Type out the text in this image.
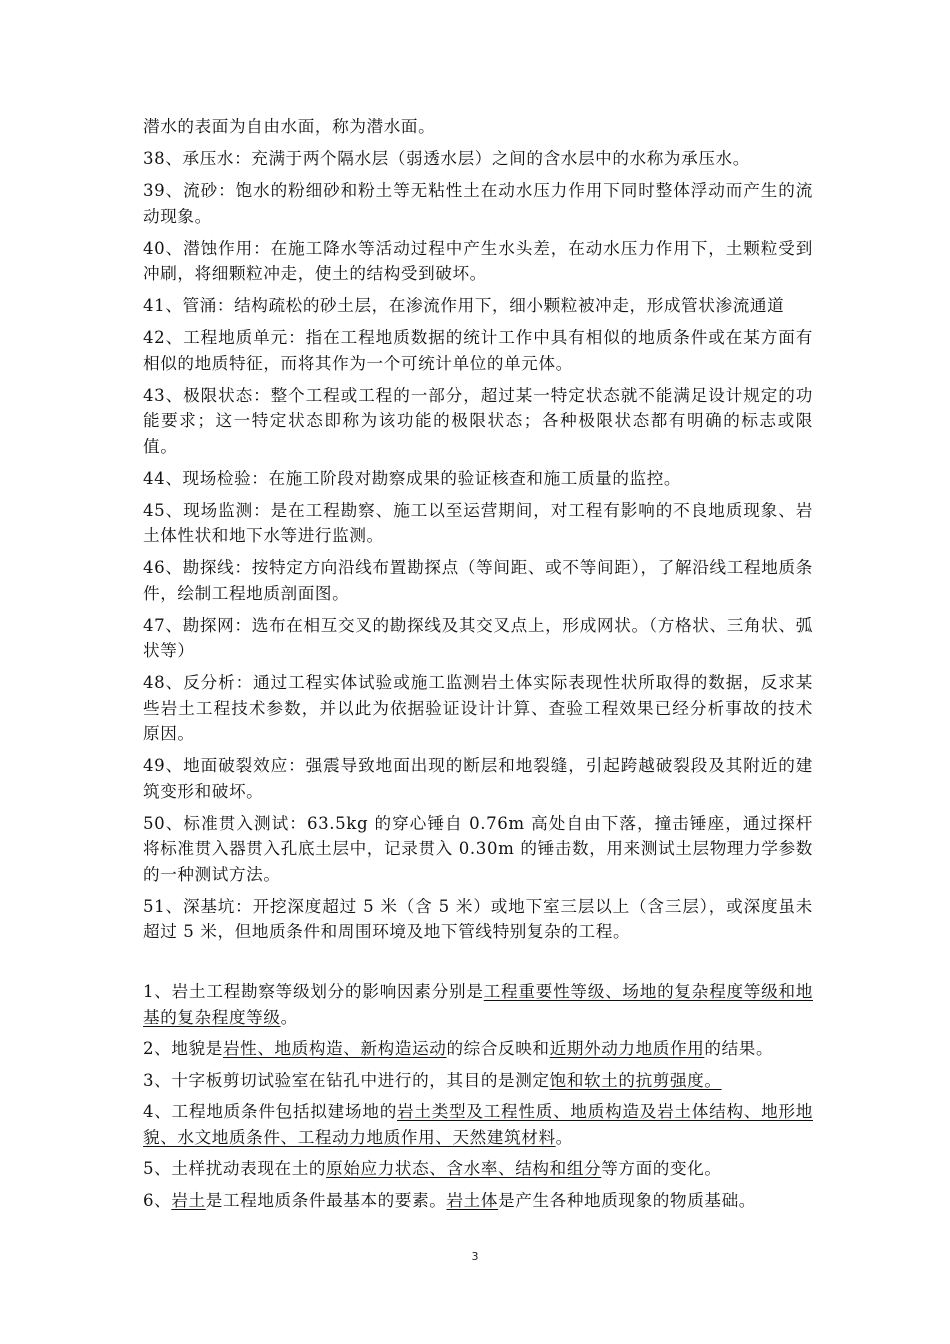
潜水的表面为自由水面，称为潜水面。

38、承压水：充满于两个隔水层（弱透水层）之间的含水层中的水称为承压水。

39、流砂：饱水的粉细砂和粉土等无粘性土在动水压力作用下同时整体浮动而产生的流动现象。

40、潜蚀作用：在施工降水等活动过程中产生水头差，在动水压力作用下，土颗粒受到冲刷，将细颗粒冲走，使土的结构受到破坏。

41、管涌：结构疏松的砂土层，在渗流作用下，细小颗粒被冲走，形成管状渗流通道

42、工程地质单元：指在工程地质数据的统计工作中具有相似的地质条件或在某方面有相似的地质特征，而将其作为一个可统计单位的单元体。

43、极限状态：整个工程或工程的一部分，超过某一特定状态就不能满足设计规定的功能要求；这一特定状态即称为该功能的极限状态；各种极限状态都有明确的标志或限值。

44、现场检验：在施工阶段对勘察成果的验证核查和施工质量的监控。

45、现场监测：是在工程勘察、施工以至运营期间，对工程有影响的不良地质现象、岩土体性状和地下水等进行监测。

46、勘探线：按特定方向沿线布置勘探点（等间距、或不等间距），了解沿线工程地质条件，绘制工程地质剖面图。

47、勘探网：选布在相互交叉的勘探线及其交叉点上，形成网状。（方格状、三角状、弧状等）

48、反分析：通过工程实体试验或施工监测岩土体实际表现性状所取得的数据，反求某些岩土工程技术参数，并以此为依据验证设计计算、查验工程效果已经分析事故的技术原因。

49、地面破裂效应：强震导致地面出现的断层和地裂缝，引起跨越破裂段及其附近的建筑变形和破坏。

50、标准贯入测试：63.5kg 的穿心锤自 0.76m 高处自由下落，撞击锤座，通过探杆将标准贯入器贯入孔底土层中，记录贯入 0.30m 的锤击数，用来测试土层物理力学参数的一种测试方法。

51、深基坑：开挖深度超过 5 米（含 5 米）或地下室三层以上（含三层），或深度虽未超过 5 米，但地质条件和周围环境及地下管线特别复杂的工程。

1、岩土工程勘察等级划分的影响因素分别是工程重要性等级、场地的复杂程度等级和地基的复杂程度等级。

2、地貌是岩性、地质构造、新构造运动的综合反映和近期外动力地质作用的结果。

3、十字板剪切试验室在钻孔中进行的，其目的是测定饱和软土的抗剪强度。

4、工程地质条件包括拟建场地的岩土类型及工程性质、地质构造及岩土体结构、地形地貌、水文地质条件、工程动力地质作用、天然建筑材料。

5、土样扰动表现在土的原始应力状态、含水率、结构和组分等方面的变化。

6、岩土是工程地质条件最基本的要素。岩土体是产生各种地质现象的物质基础。

3
